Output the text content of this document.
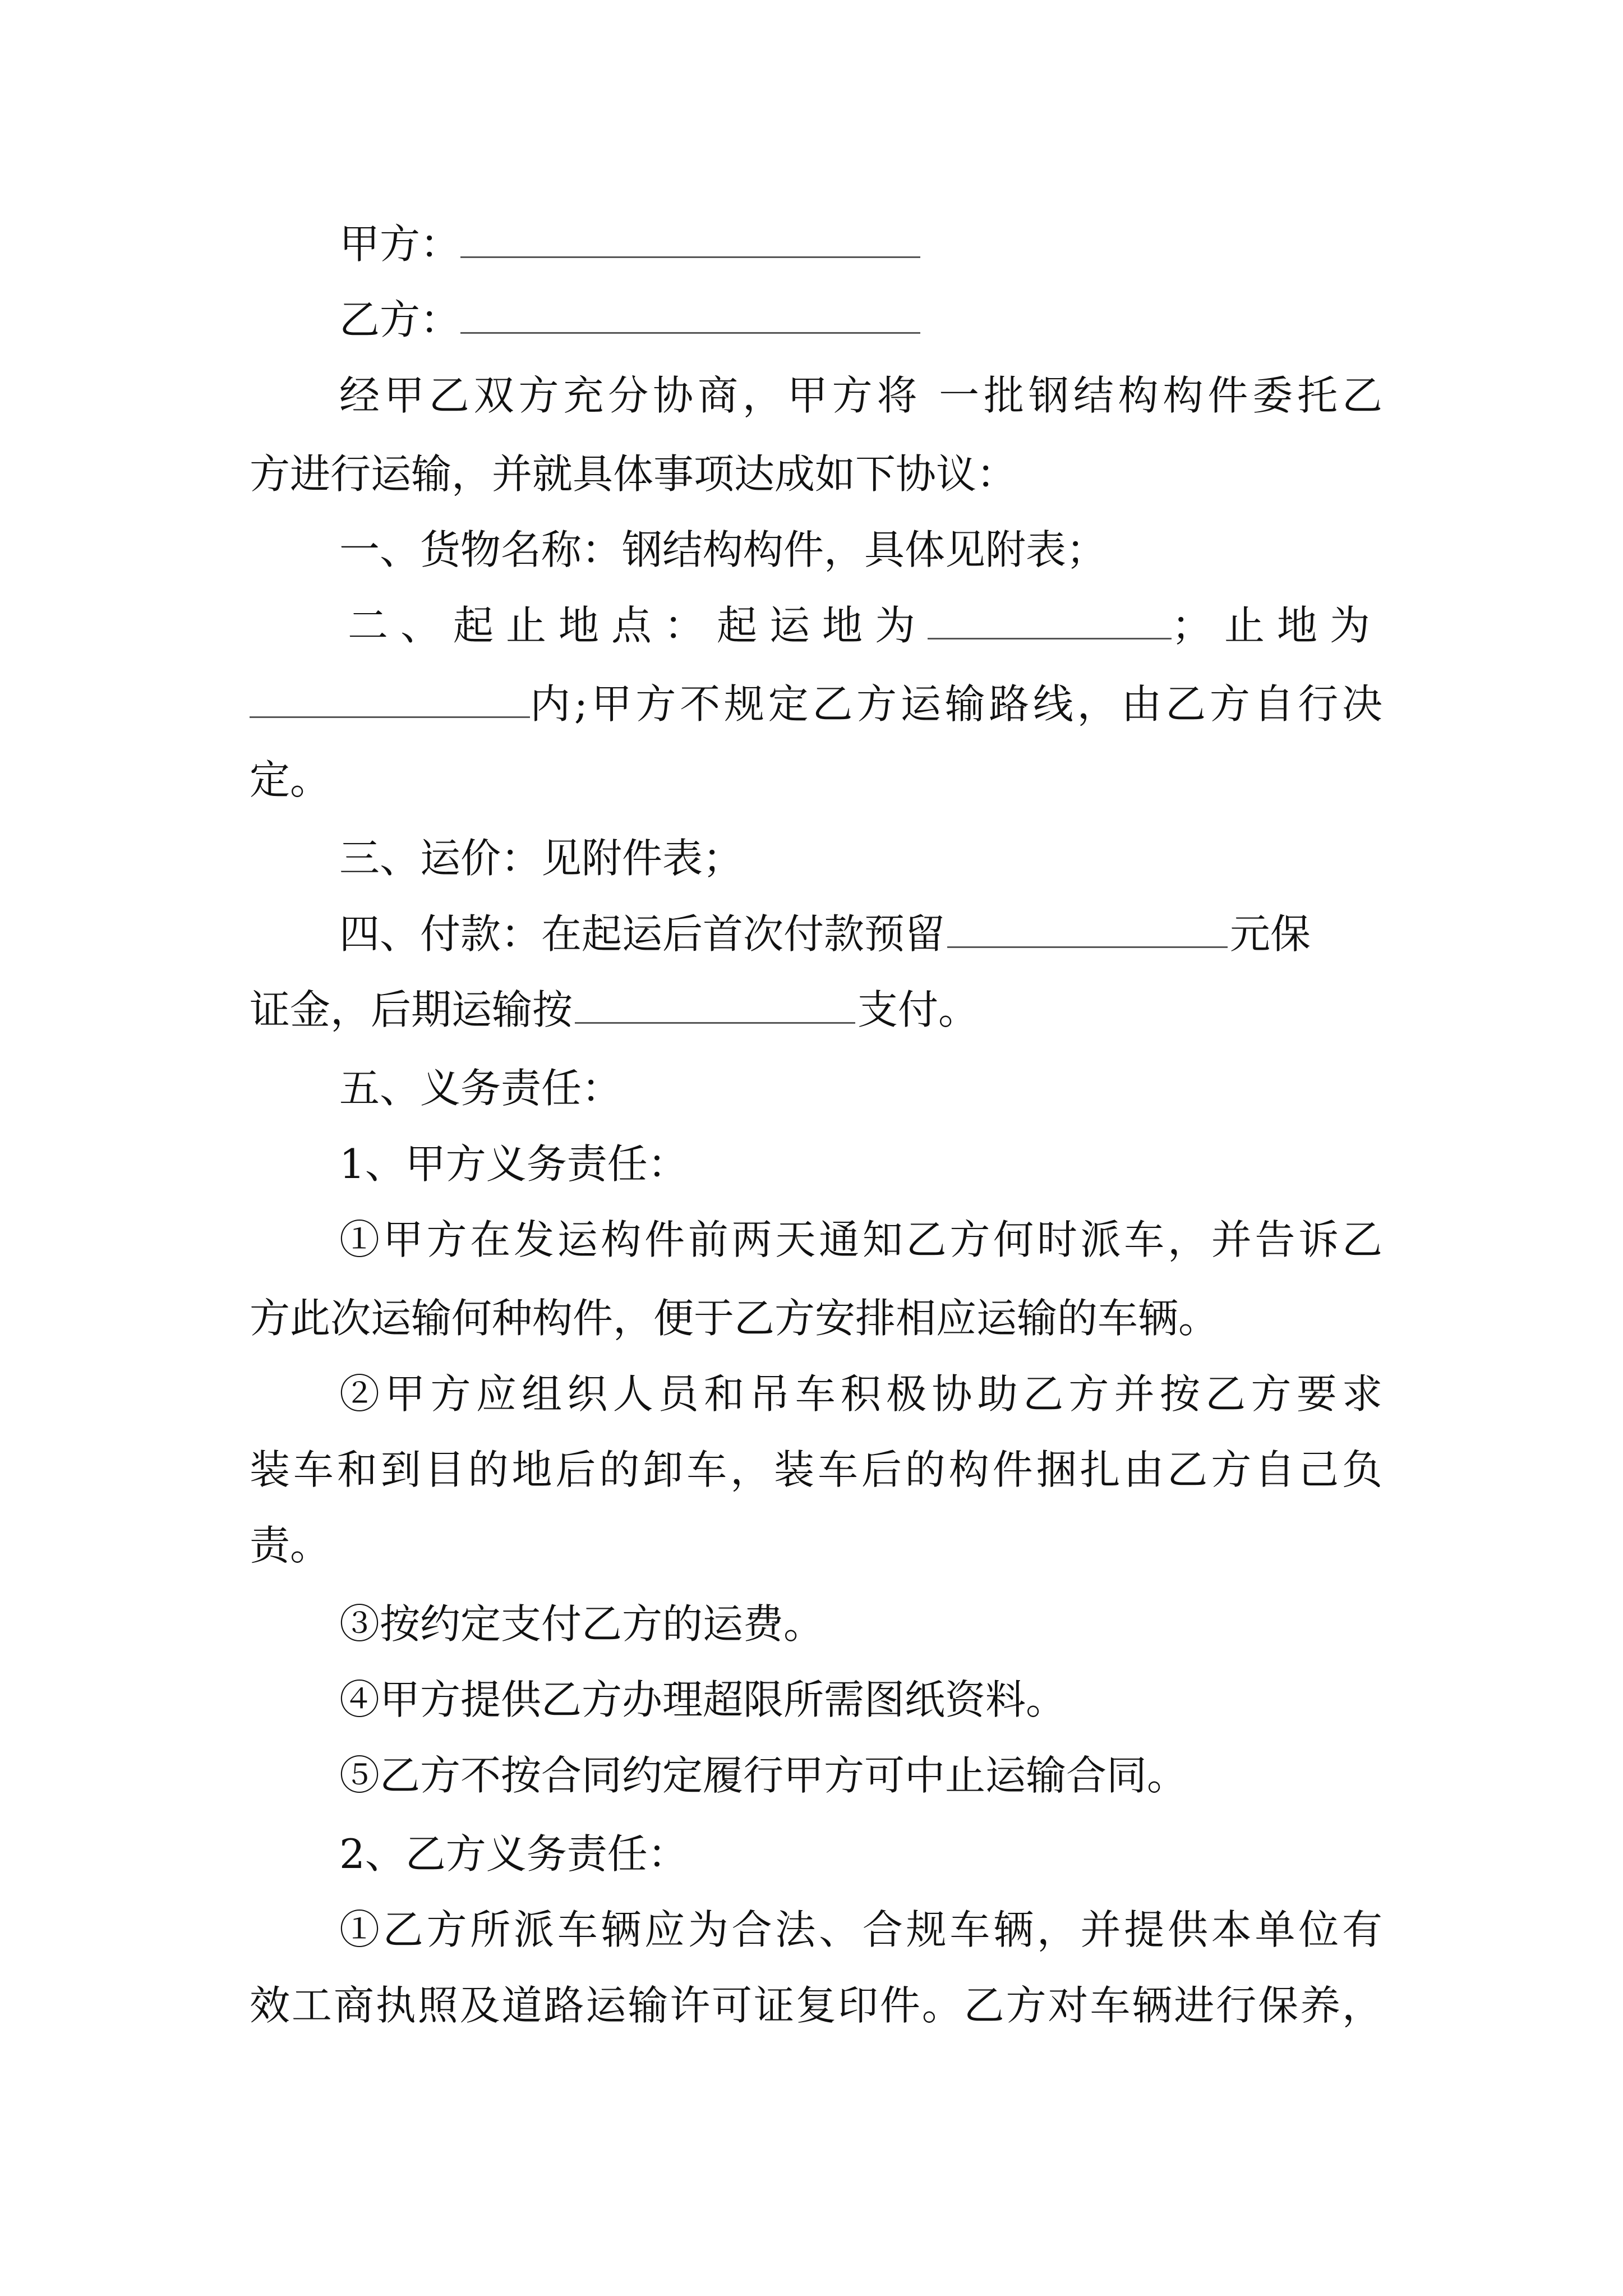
甲方：

乙方：

经甲乙双方充分协商，甲方将 一批钢结构构件委托乙

方进行运输，并就具体事项达成如下协议：

一、货物名称：钢结构构件，具体见附表；

二、起止地点：起运地为	；止地为

内;甲方不规定乙方运输路线，由乙方自行决

定。

三、运价：见附件表；

四、付款：在起运后首次付款预留	元保

证金，后期运输按	支付。

五、义务责任：

1、甲方义务责任：

①甲方在发运构件前两天通知乙方何时派车，并告诉乙

方此次运输何种构件，便于乙方安排相应运输的车辆。

②甲方应组织人员和吊车积极协助乙方并按乙方要求

装车和到目的地后的卸车，装车后的构件捆扎由乙方自己负

责。

③按约定支付乙方的运费。

④甲方提供乙方办理超限所需图纸资料。

⑤乙方不按合同约定履行甲方可中止运输合同。

2、乙方义务责任：

①乙方所派车辆应为合法、合规车辆，并提供本单位有

效工商执照及道路运输许可证复印件。乙方对车辆进行保养，
